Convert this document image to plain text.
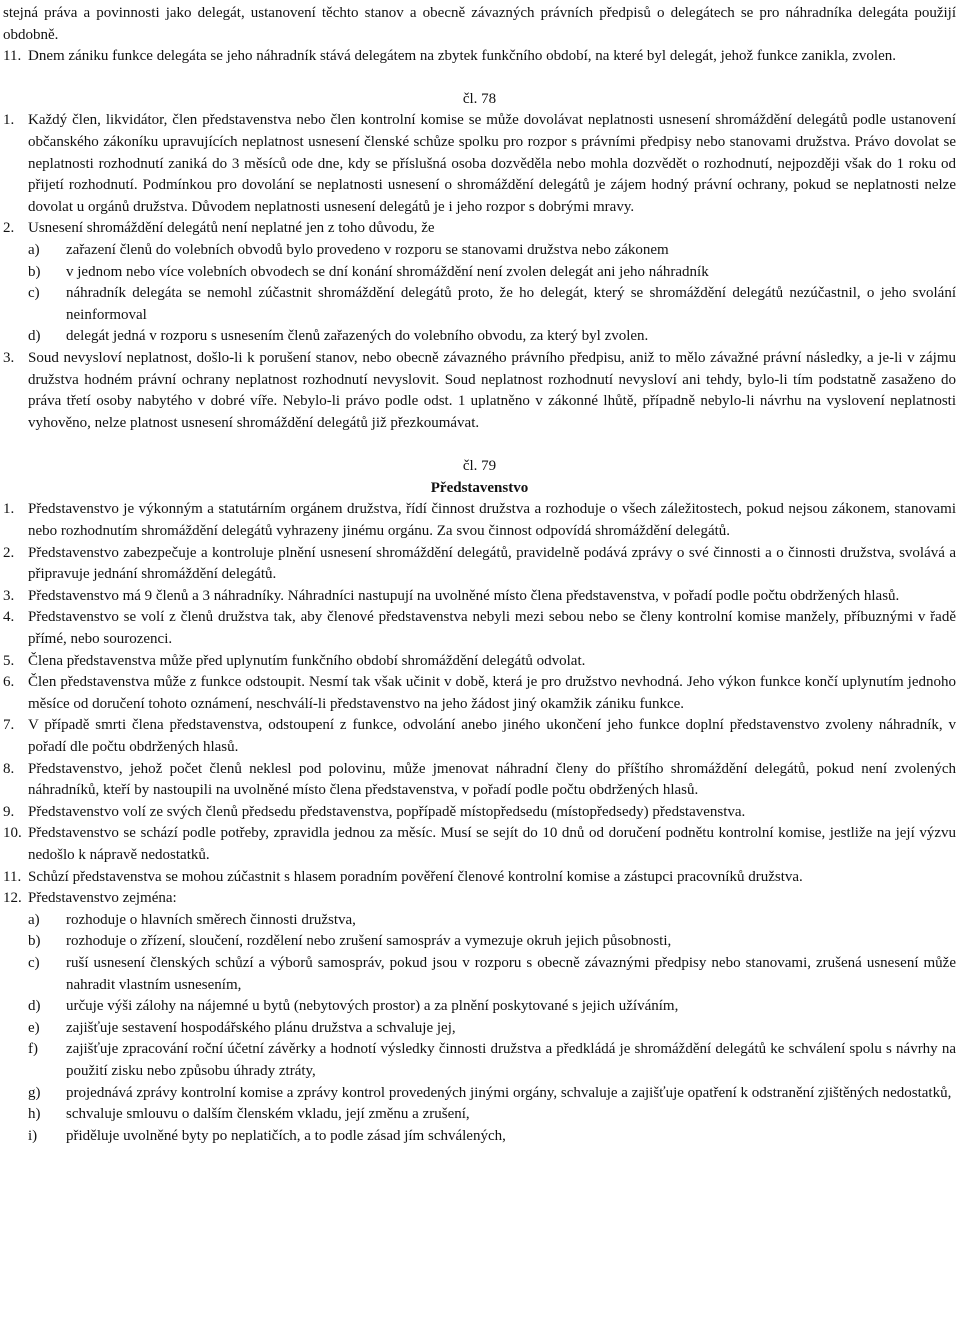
stejná práva a povinnosti jako delegát, ustanovení těchto stanov a obecně závazných právních předpisů o delegátech se pro náhradníka delegáta použijí obdobně.

11. Dnem zániku funkce delegáta se jeho náhradník stává delegátem na zbytek funkčního období, na které byl delegát, jehož funkce zanikla, zvolen.

čl. 78

1. Každý člen, likvidátor, člen představenstva nebo člen kontrolní komise se může dovolávat neplatnosti usnesení shromáždění delegátů podle ustanovení občanského zákoníku upravujících neplatnost usnesení členské schůze spolku pro rozpor s právními předpisy nebo stanovami družstva. Právo dovolat se neplatnosti rozhodnutí zaniká do 3 měsíců ode dne, kdy se příslušná osoba dozvěděla nebo mohla dozvědět o rozhodnutí, nejpozději však do 1 roku od přijetí rozhodnutí. Podmínkou pro dovolání se neplatnosti usnesení o shromáždění delegátů je zájem hodný právní ochrany, pokud se neplatnosti nelze dovolat u orgánů družstva. Důvodem neplatnosti usnesení delegátů je i jeho rozpor s dobrými mravy.
2. Usnesení shromáždění delegátů není neplatné jen z toho důvodu, že
a)	zařazení členů do volebních obvodů bylo provedeno v rozporu se stanovami družstva nebo zákonem
b)	v jednom nebo více volebních obvodech se dní konání shromáždění není zvolen delegát ani jeho náhradník
c)	náhradník delegáta se nemohl zúčastnit shromáždění delegátů proto, že ho delegát, který se shromáždění delegátů nezúčastnil, o jeho svolání neinformoval
d)	delegát jedná v rozporu s usnesením členů zařazených do volebního obvodu, za který byl zvolen.
3. Soud nevysloví neplatnost, došlo-li k porušení stanov, nebo obecně závazného právního předpisu, aniž to mělo závažné právní následky, a je-li v zájmu družstva hodném právní ochrany neplatnost rozhodnutí nevyslovit. Soud neplatnost rozhodnutí nevysloví ani tehdy, bylo-li tím podstatně zasaženo do práva třetí osoby nabytého v dobré víře. Nebylo-li právo podle odst. 1 uplatněno v zákonné lhůtě, případně nebylo-li návrhu na vyslovení neplatnosti vyhověno, nelze platnost usnesení shromáždění delegátů již přezkoumávat.

čl. 79

Představenstvo

1. Představenstvo je výkonným a statutárním orgánem družstva, řídí činnost družstva a rozhoduje o všech záležitostech, pokud nejsou zákonem, stanovami nebo rozhodnutím shromáždění delegátů vyhrazeny jinému orgánu. Za svou činnost odpovídá shromáždění delegátů.
2. Představenstvo zabezpečuje a kontroluje plnění usnesení shromáždění delegátů, pravidelně podává zprávy o své činnosti a o činnosti družstva, svolává a připravuje jednání shromáždění delegátů.
3. Představenstvo má 9 členů a 3 náhradníky. Náhradníci nastupují na uvolněné místo člena představenstva, v pořadí podle počtu obdržených hlasů.
4. Představenstvo se volí z členů družstva tak, aby členové představenstva nebyli mezi sebou nebo se členy kontrolní komise manžely, příbuznými v řadě přímé, nebo sourozenci.
5. Člena představenstva může před uplynutím funkčního období shromáždění delegátů odvolat.
6. Člen představenstva může z funkce odstoupit. Nesmí tak však učinit v době, která je pro družstvo nevhodná. Jeho výkon funkce končí uplynutím jednoho měsíce od doručení tohoto oznámení, neschválí-li představenstvo na jeho žádost jiný okamžik zániku funkce.
7. V případě smrti člena představenstva, odstoupení z funkce, odvolání anebo jiného ukončení jeho funkce doplní představenstvo zvoleny náhradník, v pořadí dle počtu obdržených hlasů.
8. Představenstvo, jehož počet členů neklesl pod polovinu, může jmenovat náhradní členy do příštího shromáždění delegátů, pokud není zvolených náhradníků, kteří by nastoupili na uvolněné místo člena představenstva, v pořadí podle počtu obdržených hlasů.
9. Představenstvo volí ze svých členů předsedu představenstva, popřípadě místopředsedu (místopředsedy) představenstva.
10. Představenstvo se schází podle potřeby, zpravidla jednou za měsíc. Musí se sejít do 10 dnů od doručení podnětu kontrolní komise, jestliže na její výzvu nedošlo k nápravě nedostatků.
11. Schůzí představenstva se mohou zúčastnit s hlasem poradním pověření členové kontrolní komise a zástupci pracovníků družstva.
12. Představenstvo zejména:
a)	rozhoduje o hlavních směrech činnosti družstva,
b)	rozhoduje o zřízení, sloučení, rozdělení nebo zrušení samospráv a vymezuje okruh jejich působnosti,
c)	ruší usnesení členských schůzí a výborů samospráv, pokud jsou v rozporu s obecně závaznými předpisy nebo stanovami, zrušená usnesení může nahradit vlastním usnesením,
d)	určuje výši zálohy na nájemné u bytů (nebytových prostor) a za plnění poskytované s jejich užíváním,
e)	zajišťuje sestavení hospodářského plánu družstva a schvaluje jej,
f)	zajišťuje zpracování roční účetní závěrky a hodnotí výsledky činnosti družstva a předkládá je shromáždění delegátů ke schválení spolu s návrhy na použití zisku nebo způsobu úhrady ztráty,
g)	projednává zprávy kontrolní komise a zprávy kontrol provedených jinými orgány, schvaluje a zajišťuje opatření k odstranění zjištěných nedostatků,
h)	schvaluje smlouvu o dalším členském vkladu, její změnu a zrušení,
i)	přiděluje uvolněné byty po neplatičích, a to podle zásad jím schválených,
